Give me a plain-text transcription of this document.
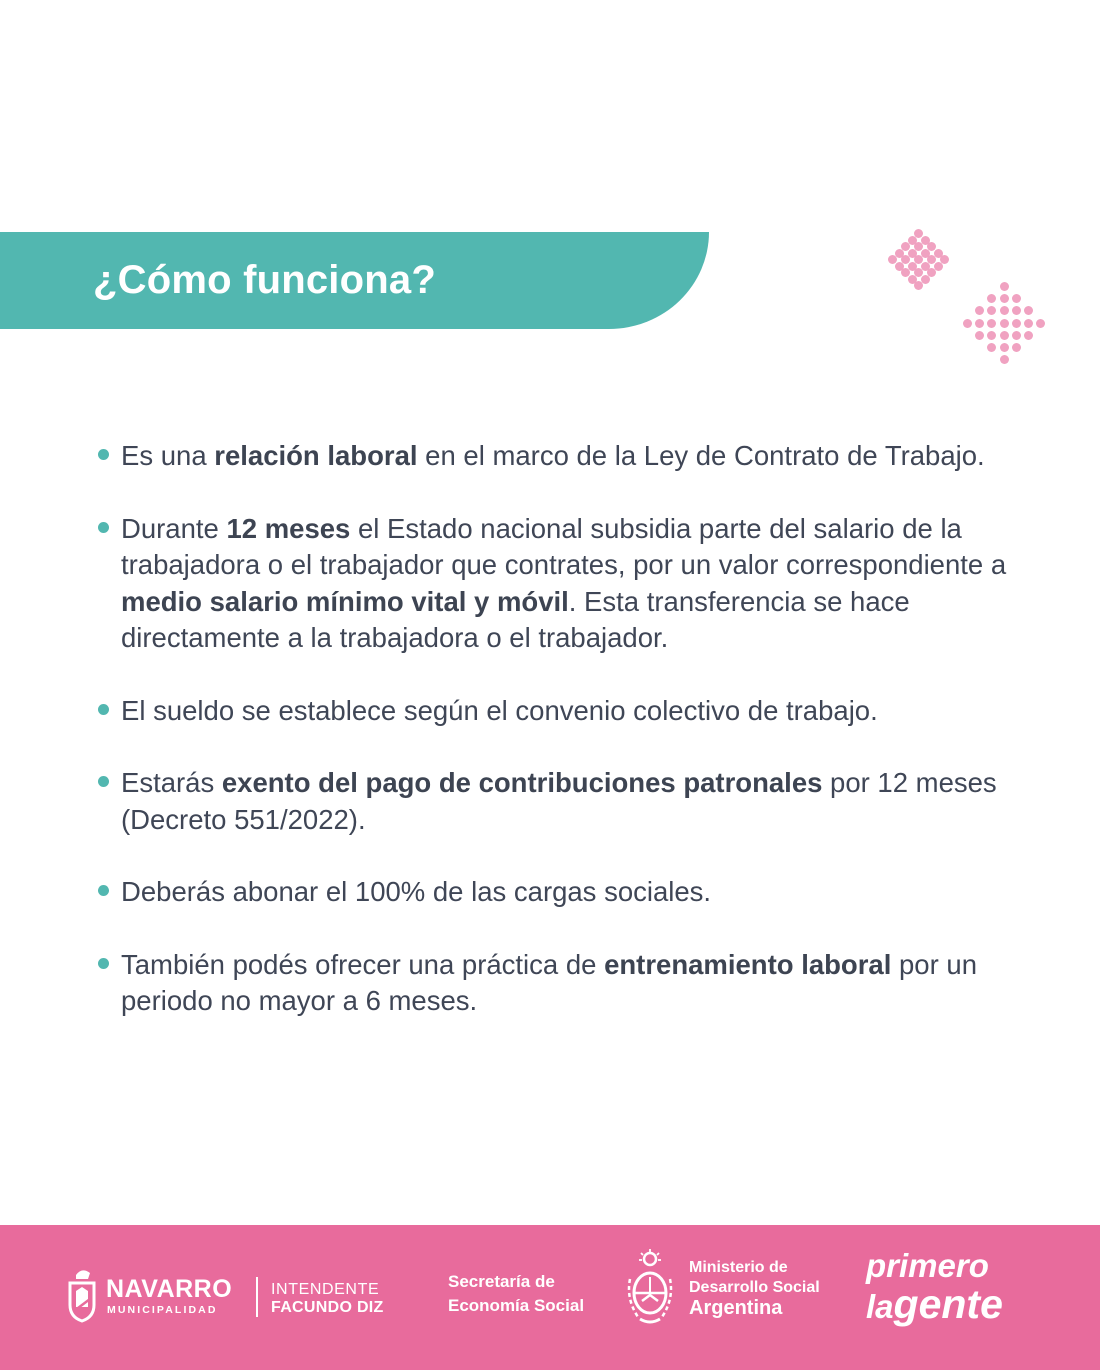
¿Cómo funciona?
Es una relación laboral en el marco de la Ley de Contrato de Trabajo.
Durante 12 meses el Estado nacional subsidia parte del salario de la trabajadora o el trabajador que contrates, por un valor correspondiente a medio salario mínimo vital y móvil. Esta transferencia se hace directamente a la trabajadora o el trabajador.
El sueldo se establece según el convenio colectivo de trabajo.
Estarás exento del pago de contribuciones patronales por 12 meses (Decreto 551/2022).
Deberás abonar el 100% de las cargas sociales.
También podés ofrecer una práctica de entrenamiento laboral por un periodo no mayor a 6 meses.
NAVARRO
MUNICIPALIDAD
INTENDENTE
FACUNDO DIZ
Secretaría de
Economía Social
Ministerio de
Desarrollo Social
Argentina
primero
lagente
